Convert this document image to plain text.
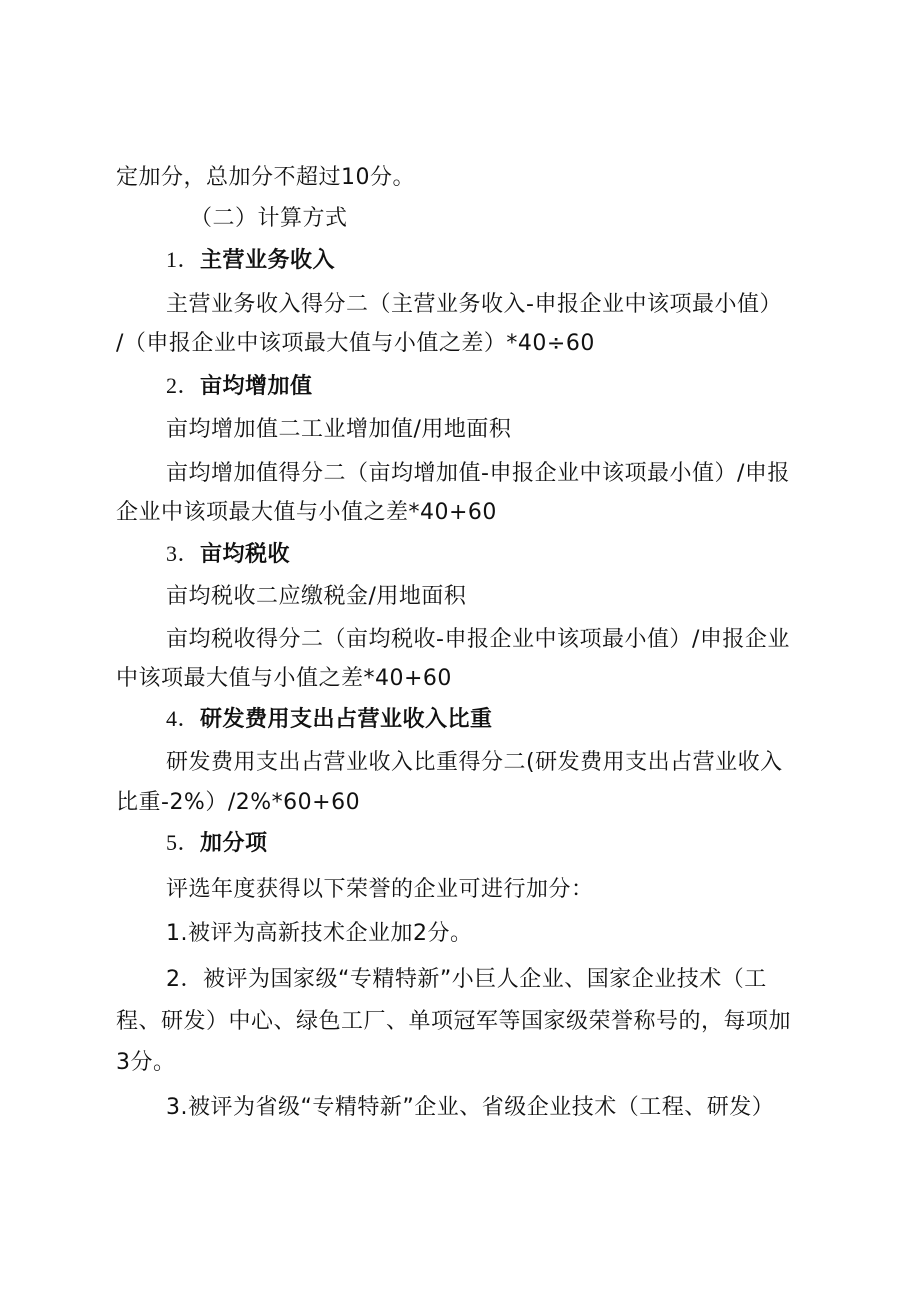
定加分，总加分不超过10分。
（二）计算方式
1．主营业务收入
主营业务收入得分二（主营业务收入-申报企业中该项最小值）
/（申报企业中该项最大值与小值之差）*40÷60
2．亩均增加值
亩均增加值二工业增加值/用地面积
亩均增加值得分二（亩均增加值-申报企业中该项最小值）/申报
企业中该项最大值与小值之差*40+60
3．亩均税收
亩均税收二应缴税金/用地面积
亩均税收得分二（亩均税收-申报企业中该项最小值）/申报企业
中该项最大值与小值之差*40+60
4．研发费用支出占营业收入比重
研发费用支出占营业收入比重得分二(研发费用支出占营业收入
比重-2%）/2%*60+60
5．加分项
评选年度获得以下荣誉的企业可进行加分：
1.被评为高新技术企业加2分。
2．被评为国家级“专精特新”小巨人企业、国家企业技术（工
程、研发）中心、绿色工厂、单项冠军等国家级荣誉称号的，每项加
3分。
3.被评为省级“专精特新”企业、省级企业技术（工程、研发）
